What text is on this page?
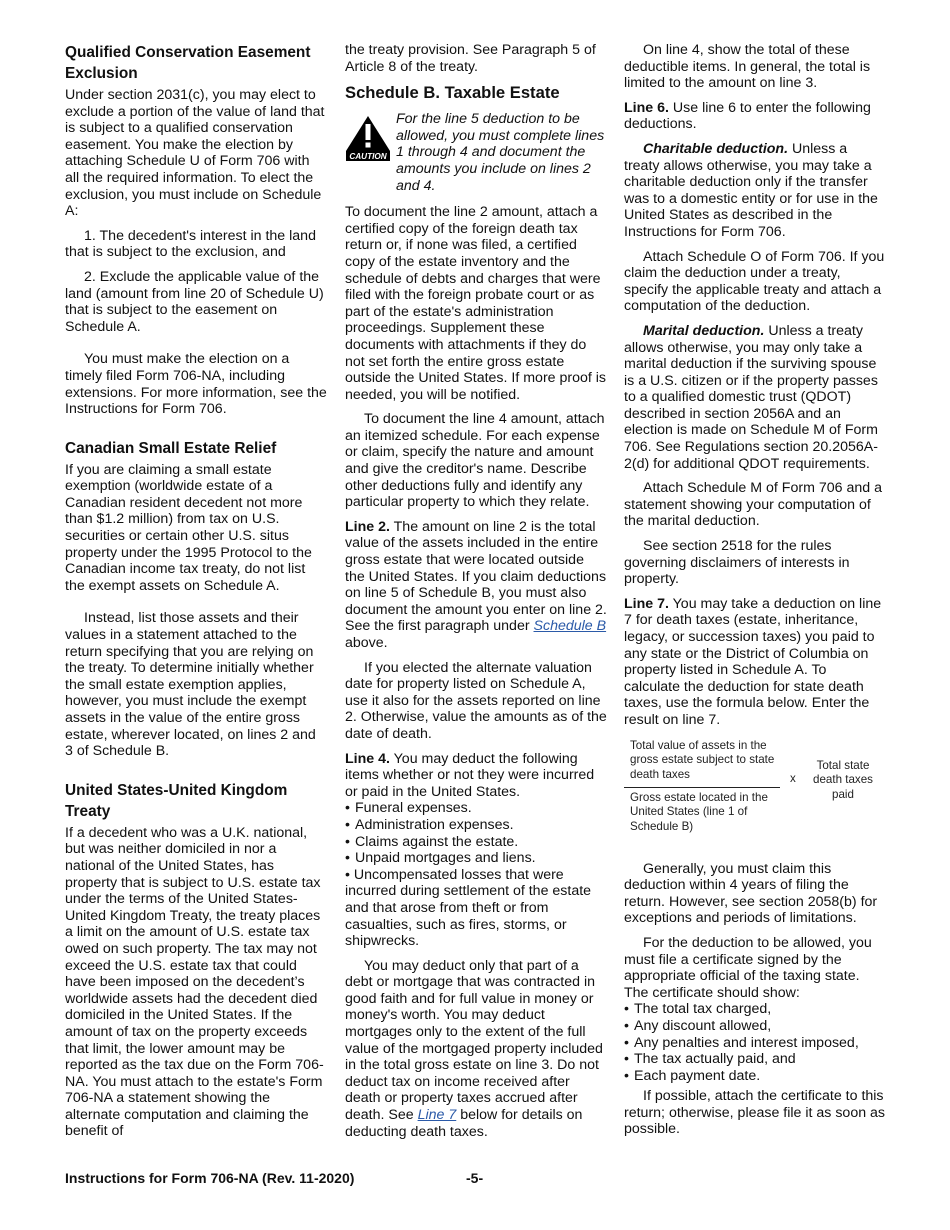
Qualified Conservation Easement Exclusion

Under section 2031(c), you may elect to exclude a portion of the value of land that is subject to a qualified conservation easement. You make the election by attaching Schedule U of Form 706 with all the required information. To elect the exclusion, you must include on Schedule A:

1. The decedent's interest in the land that is subject to the exclusion, and

2. Exclude the applicable value of the land (amount from line 20 of Schedule U) that is subject to the easement on Schedule A.

You must make the election on a timely filed Form 706-NA, including extensions. For more information, see the Instructions for Form 706.

Canadian Small Estate Relief

If you are claiming a small estate exemption (worldwide estate of a Canadian resident decedent not more than $1.2 million) from tax on U.S. securities or certain other U.S. situs property under the 1995 Protocol to the Canadian income tax treaty, do not list the exempt assets on Schedule A.

Instead, list those assets and their values in a statement attached to the return specifying that you are relying on the treaty. To determine initially whether the small estate exemption applies, however, you must include the exempt assets in the value of the entire gross estate, wherever located, on lines 2 and 3 of Schedule B.

United States-United Kingdom Treaty

If a decedent who was a U.K. national, but was neither domiciled in nor a national of the United States, has property that is subject to U.S. estate tax under the terms of the United States-United Kingdom Treaty, the treaty places a limit on the amount of U.S. estate tax owed on such property. The tax may not exceed the U.S. estate tax that could have been imposed on the decedent’s worldwide assets had the decedent died domiciled in the United States. If the amount of tax on the property exceeds that limit, the lower amount may be reported as the tax due on the Form 706-NA. You must attach to the estate's Form 706-NA a statement showing the alternate computation and claiming the benefit of

the treaty provision. See Paragraph 5 of Article 8 of the treaty.

Schedule B. Taxable Estate
CAUTION
For the line 5 deduction to be allowed, you must complete lines 1 through 4 and document the amounts you include on lines 2 and 4.

To document the line 2 amount, attach a certified copy of the foreign death tax return or, if none was filed, a certified copy of the estate inventory and the schedule of debts and charges that were filed with the foreign probate court or as part of the estate's administration proceedings. Supplement these documents with attachments if they do not set forth the entire gross estate outside the United States. If more proof is needed, you will be notified.

To document the line 4 amount, attach an itemized schedule. For each expense or claim, specify the nature and amount and give the creditor's name. Describe other deductions fully and identify any particular property to which they relate.

Line 2. The amount on line 2 is the total value of the assets included in the entire gross estate that were located outside the United States. If you claim deductions on line 5 of Schedule B, you must also document the amount you enter on line 2. See the first paragraph under Schedule B above.

If you elected the alternate valuation date for property listed on Schedule A, use it also for the assets reported on line 2. Otherwise, value the amounts as of the date of death.

Line 4. You may deduct the following items whether or not they were incurred or paid in the United States.

• Funeral expenses.
• Administration expenses.
• Claims against the estate.
• Unpaid mortgages and liens.

• Uncompensated losses that were incurred during settlement of the estate and that arose from theft or from casualties, such as fires, storms, or shipwrecks.

You may deduct only that part of a debt or mortgage that was contracted in good faith and for full value in money or money's worth. You may deduct mortgages only to the extent of the full value of the mortgaged property included in the total gross estate on line 3. Do not deduct tax on income received after death or property taxes accrued after death. See Line 7 below for details on deducting death taxes.

On line 4, show the total of these deductible items. In general, the total is limited to the amount on line 3.

Line 6. Use line 6 to enter the following deductions.

Charitable deduction. Unless a treaty allows otherwise, you may take a charitable deduction only if the transfer was to a domestic entity or for use in the United States as described in the Instructions for Form 706.

Attach Schedule O of Form 706. If you claim the deduction under a treaty, specify the applicable treaty and attach a computation of the deduction.

Marital deduction. Unless a treaty allows otherwise, you may only take a marital deduction if the surviving spouse is a U.S. citizen or if the property passes to a qualified domestic trust (QDOT) described in section 2056A and an election is made on Schedule M of Form 706. See Regulations section 20.2056A-2(d) for additional QDOT requirements.

Attach Schedule M of Form 706 and a statement showing your computation of the marital deduction.

See section 2518 for the rules governing disclaimers of interests in property.

Line 7. You may take a deduction on line 7 for death taxes (estate, inheritance, legacy, or succession taxes) you paid to any state or the District of Columbia on property listed in Schedule A. To calculate the deduction for state death taxes, use the formula below. Enter the result on line 7.

Total value of assets in the gross estate subject to state death taxes
Gross estate located in the United States (line 1 of Schedule B)
x
Total state death taxes paid

Generally, you must claim this deduction within 4 years of filing the return. However, see section 2058(b) for exceptions and periods of limitations.

For the deduction to be allowed, you must file a certificate signed by the appropriate official of the taxing state. The certificate should show:

• The total tax charged,
• Any discount allowed,
• Any penalties and interest imposed,
• The tax actually paid, and
• Each payment date.

If possible, attach the certificate to this return; otherwise, please file it as soon as possible.

Instructions for Form 706-NA (Rev. 11-2020)	-5-
